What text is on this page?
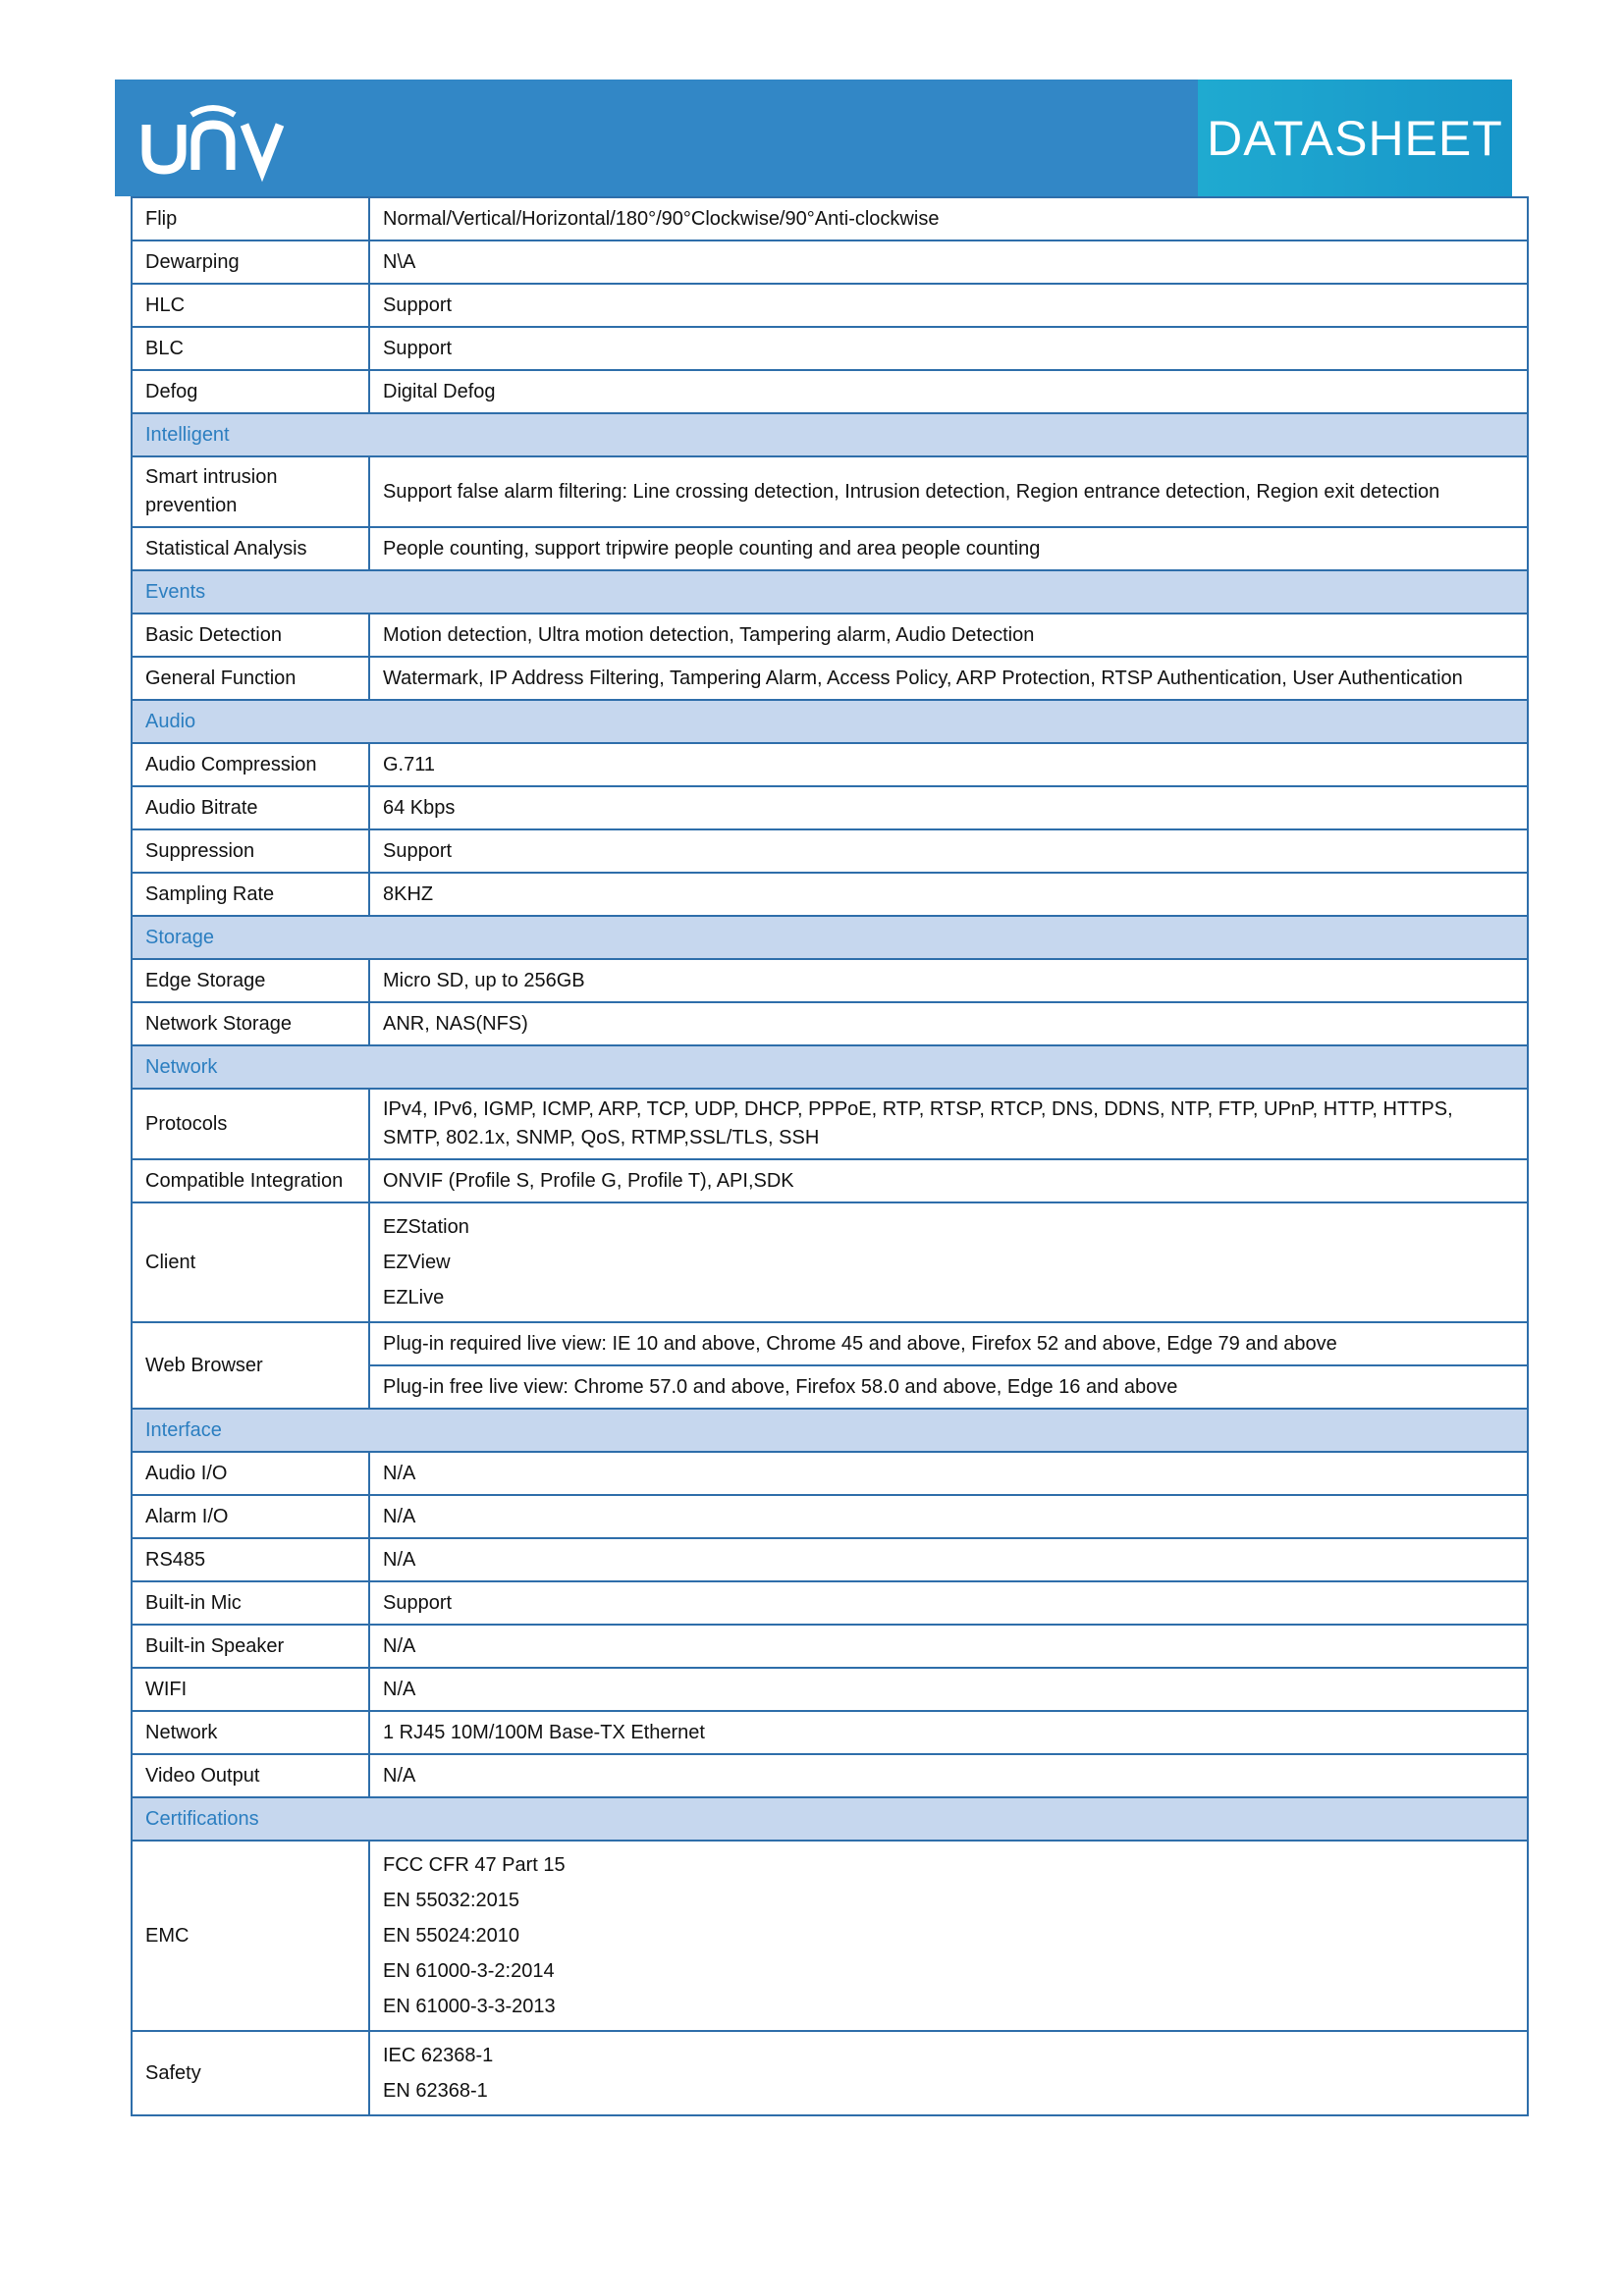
DATASHEET
Flip	Normal/Vertical/Horizontal/180°/90°Clockwise/90°Anti-clockwise
Dewarping	N\A
HLC	Support
BLC	Support
Defog	Digital Defog
Intelligent	
Smart intrusion prevention	Support false alarm filtering: Line crossing detection, Intrusion detection, Region entrance detection, Region exit detection
Statistical Analysis	People counting, support tripwire people counting and area people counting
Events	
Basic Detection	Motion detection, Ultra motion detection, Tampering alarm, Audio Detection
General Function	Watermark, IP Address Filtering, Tampering Alarm, Access Policy, ARP Protection, RTSP Authentication, User Authentication
Audio	
Audio Compression	G.711
Audio Bitrate	64 Kbps
Suppression	Support
Sampling Rate	8KHZ
Storage	
Edge Storage	Micro SD, up to 256GB
Network Storage	ANR, NAS(NFS)
Network	
Protocols	IPv4, IPv6, IGMP, ICMP, ARP, TCP, UDP, DHCP, PPPoE, RTP, RTSP, RTCP, DNS, DDNS, NTP, FTP, UPnP, HTTP, HTTPS, SMTP, 802.1x, SNMP, QoS, RTMP,SSL/TLS, SSH
Compatible Integration	ONVIF (Profile S, Profile G, Profile T), API,SDK
Client	EZStation
EZView
EZLive

Web Browser	Plug-in required live view: IE 10 and above, Chrome 45 and above, Firefox 52 and above, Edge 79 and above
	Plug-in free live view: Chrome 57.0 and above, Firefox 58.0 and above, Edge 16 and above
Interface	
Audio I/O	N/A
Alarm I/O	N/A
RS485	N/A
Built-in Mic	Support
Built-in Speaker	N/A
WIFI	N/A
Network	1 RJ45 10M/100M Base-TX Ethernet
Video Output	N/A
Certifications	
EMC	FCC CFR 47 Part 15
EN 55032:2015
EN 55024:2010
EN 61000-3-2:2014
EN 61000-3-3-2013

Safety	IEC 62368-1
EN 62368-1
